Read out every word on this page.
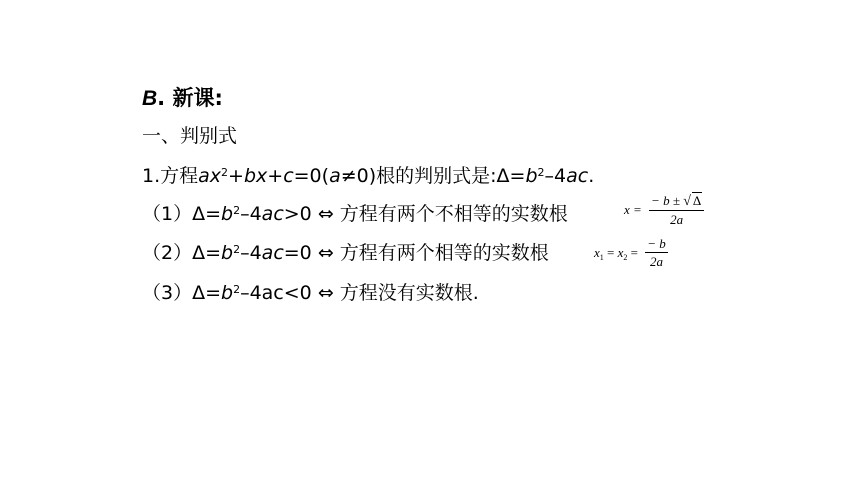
B. 新课:
一、判别式
1.方程$ax^2+bx+c=0(a\ne 0)$根的判别式是$:\Delta=b^2-4ac$.
$(1)\Delta=b^2-4ac>0$ ⇔ 方程有两个不相等的实数根
$(2)\Delta=b^2-4ac=0$ ⇔ 方程有两个相等的实数根
$(3)\Delta=b^2-4ac<0$ ⇔ 方程没有实数根.
$x = \frac{- b \pm √ \Delta}{2a}$
$x_1 = x_2 = \frac{- b}{2a}$
